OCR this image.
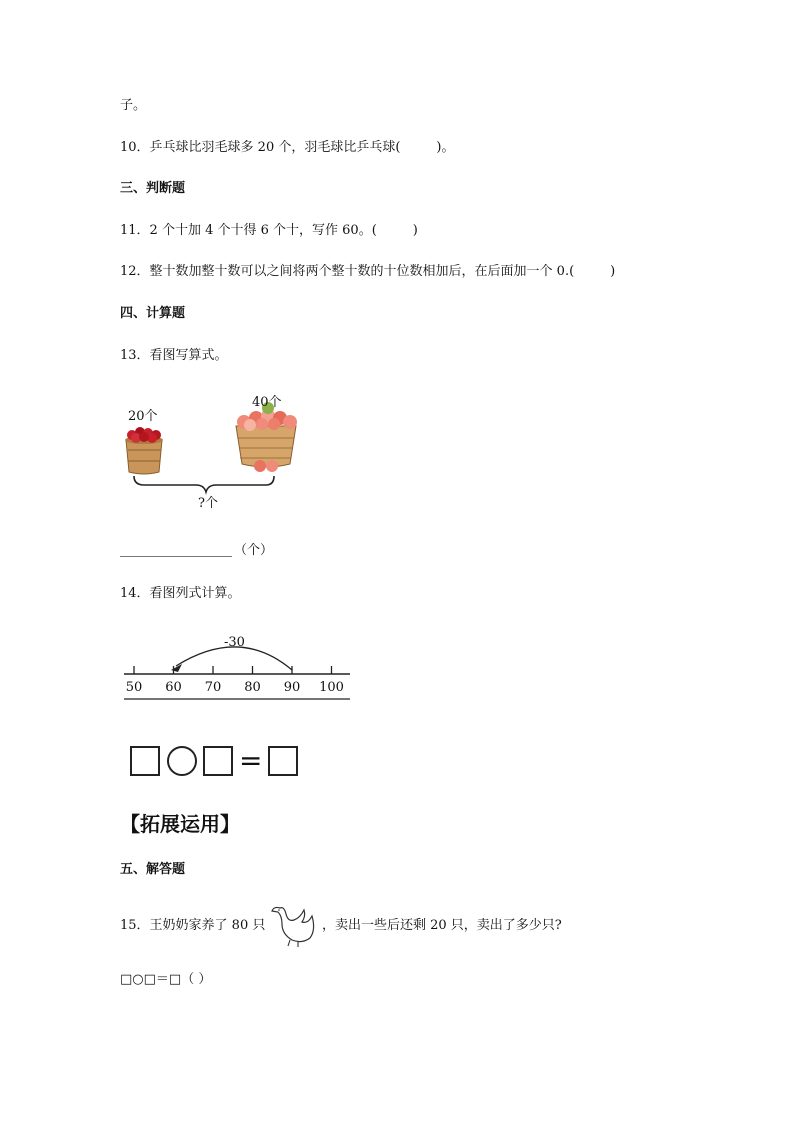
子。
10．乒乓球比羽毛球多 20 个，羽毛球比乒乓球(	)。
三、判断题
11．2 个十加 4 个十得 6 个十，写作 60。(	)
12．整十数加整十数可以之间将两个整十数的十位数相加后，在后面加一个 0.(	)
四、计算题
13．看图写算式。
20个
40个
?个
（个）
14．看图列式计算。
50 60 70 80 90 100
-30
=
【拓展运用】
五、解答题
15．王奶奶家养了 80 只	，卖出一些后还剩 20 只，卖出了多少只?
□○□＝□（ ）
